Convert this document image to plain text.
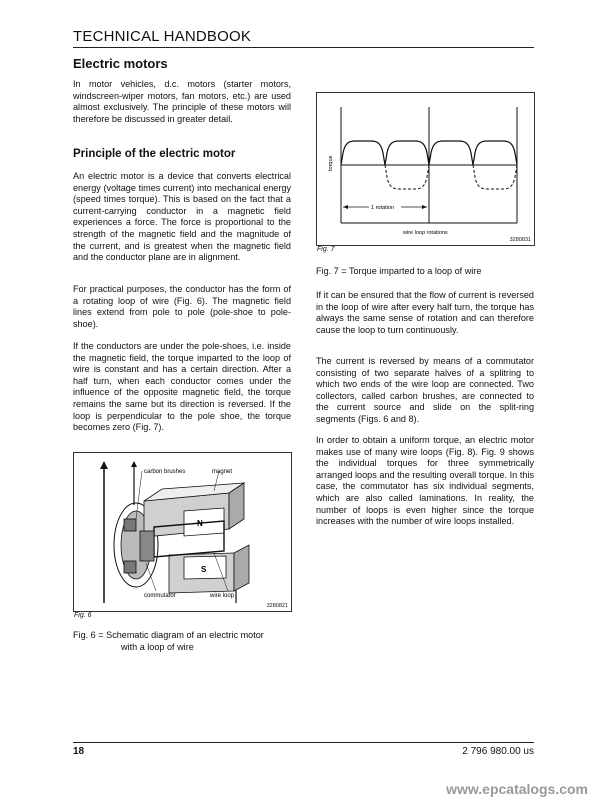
TECHNICAL HANDBOOK
Electric motors

In motor vehicles, d.c. motors (starter motors, windscreen-wiper motors, fan motors, etc.) are used almost exclusively. The principle of these motors will therefore be discussed in greater detail.

Principle of the electric motor

An electric motor is a device that converts electrical energy (voltage times current) into mechanical energy (speed times torque). This is based on the fact that a current-carrying conductor in a magnetic field experiences a force. The force is proportional to the strength of the magnetic field and the magnitude of the current, and is greatest when the magnetic field and the conductor plane are in alignment.

For practical purposes, the conductor has the form of a rotating loop of wire (Fig. 6). The magnetic field lines extend from pole to pole (pole-shoe to pole-shoe).

If the conductors are under the pole-shoes, i.e. inside the magnetic field, the torque imparted to the loop of wire is constant and has a certain direction. After a half turn, when each conductor comes under the influence of the opposite magnetic field, the torque remains the same but its direction is reversed. If the loop is perpendicular to the pole shoe, the torque becomes zero (Fig. 7).

carbon brushes	magnet
N
S
commutator	wire loop
3280821
Fig. 6
Fig. 6 = Schematic diagram of an electric motor
with a loop of wire
1 rotation
wire loop rotations
torque
3280831
Fig. 7
Fig. 7 = Torque imparted to a loop of wire

If it can be ensured that the flow of current is reversed in the loop of wire after every half turn, the torque has always the same sense of rotation and can therefore cause the loop to turn continuously.

The current is reversed by means of a commutator consisting of two separate halves of a splitring to which two ends of the wire loop are connected. Two collectors, called carbon brushes, are connected to the current source and slide on the split-ring segments (Figs. 6 and 8).

In order to obtain a uniform torque, an electric motor makes use of many wire loops (Fig. 8). Fig. 9 shows the individual torques for three symmetrically arranged loops and the resulting overall torque. In this case, the commutator has six individual segments, which are also called laminations. In reality, the number of loops is even higher since the torque increases with the number of wire loops installed.

18	2 796 980.00 us
www.epcatalogs.com
